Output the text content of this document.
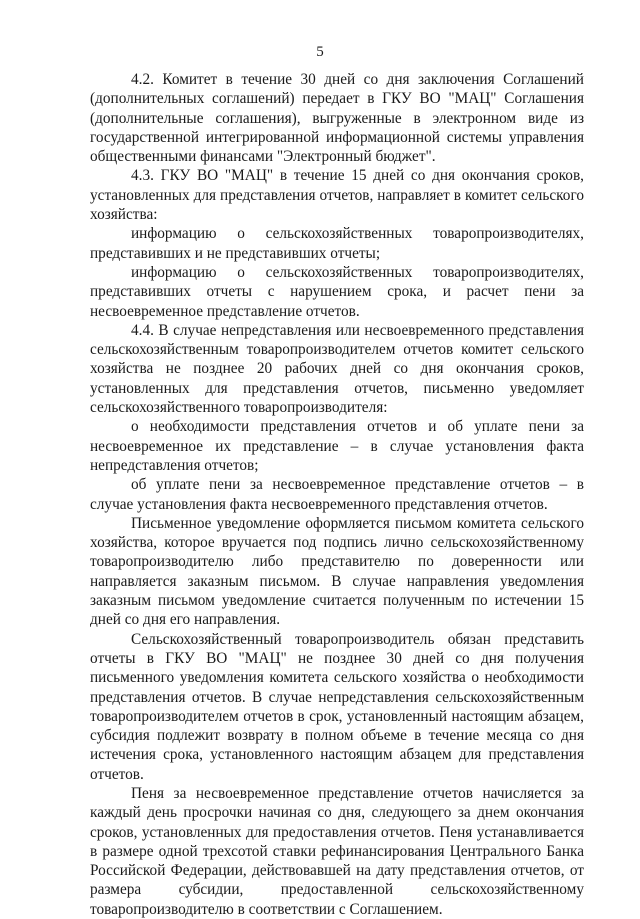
5

4.2. Комитет в течение 30 дней со дня заключения Соглашений (дополнительных соглашений) передает в ГКУ ВО "МАЦ" Соглашения (дополнительные соглашения), выгруженные в электронном виде из государственной интегрированной информационной системы управления общественными финансами "Электронный бюджет".

4.3. ГКУ ВО "МАЦ" в течение 15 дней со дня окончания сроков, установленных для представления отчетов, направляет в комитет сельского хозяйства:

информацию о сельскохозяйственных товаропроизводителях, представивших и не представивших отчеты;

информацию о сельскохозяйственных товаропроизводителях, представивших отчеты с нарушением срока, и расчет пени за несвоевременное представление отчетов.

4.4. В случае непредставления или несвоевременного представления сельскохозяйственным товаропроизводителем отчетов комитет сельского хозяйства не позднее 20 рабочих дней со дня окончания сроков, установленных для представления отчетов, письменно уведомляет сельскохозяйственного товаропроизводителя:

о необходимости представления отчетов и об уплате пени за несвоевременное их представление – в случае установления факта непредставления отчетов;

об уплате пени за несвоевременное представление отчетов – в случае установления факта несвоевременного представления отчетов.

Письменное уведомление оформляется письмом комитета сельского хозяйства, которое вручается под подпись лично сельскохозяйственному товаропроизводителю либо представителю по доверенности или направляется заказным письмом. В случае направления уведомления заказным письмом уведомление считается полученным по истечении 15 дней со дня его направления.

Сельскохозяйственный товаропроизводитель обязан представить отчеты в ГКУ ВО "МАЦ" не позднее 30 дней со дня получения письменного уведомления комитета сельского хозяйства о необходимости представления отчетов. В случае непредставления сельскохозяйственным товаропроизводителем отчетов в срок, установленный настоящим абзацем, субсидия подлежит возврату в полном объеме в течение месяца со дня истечения срока, установленного настоящим абзацем для представления отчетов.

Пеня за несвоевременное представление отчетов начисляется за каждый день просрочки начиная со дня, следующего за днем окончания сроков, установленных для предоставления отчетов. Пеня устанавливается в размере одной трехсотой ставки рефинансирования Центрального Банка Российской Федерации, действовавшей на дату представления отчетов, от размера субсидии, предоставленной сельскохозяйственному товаропроизводителю в соответствии с Соглашением.
